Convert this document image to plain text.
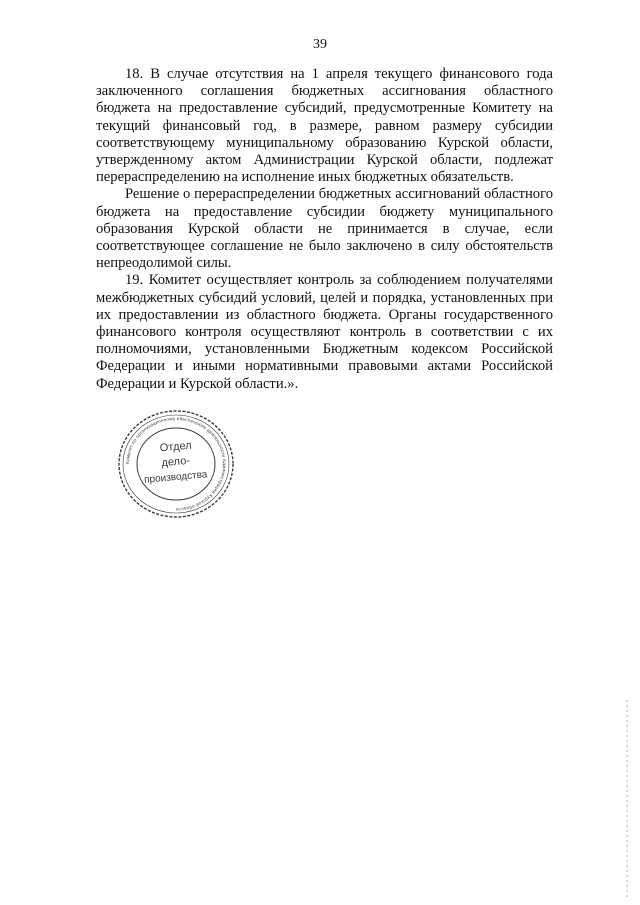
39

18. В случае отсутствия на 1 апреля текущего финансового года заключенного соглашения бюджетных ассигнования областного бюджета на предоставление субсидий, предусмотренные Комитету на текущий финансовый год, в размере, равном размеру субсидии соответствующему муниципальному образованию Курской области, утвержденному актом Администрации Курской области, подлежат перераспределению на исполнение иных бюджетных обязательств.

Решение о перераспределении бюджетных ассигнований областного бюджета на предоставление субсидии бюджету муниципального образования Курской области не принимается в случае, если соответствующее соглашение не было заключено в силу обстоятельств непреодолимой силы.

19. Комитет осуществляет контроль за соблюдением получателями межбюджетных субсидий условий, целей и порядка, установленных при их предоставлении из областного бюджета. Органы государственного финансового контроля осуществляют контроль в соответствии с их полномочиями, установленными Бюджетным кодексом Российской Федерации и иными нормативными правовыми актами Российской Федерации и Курской области.».

Комитет по организационному обеспечению деятельности Администрации Курской области
Отдел
дело-
производства
